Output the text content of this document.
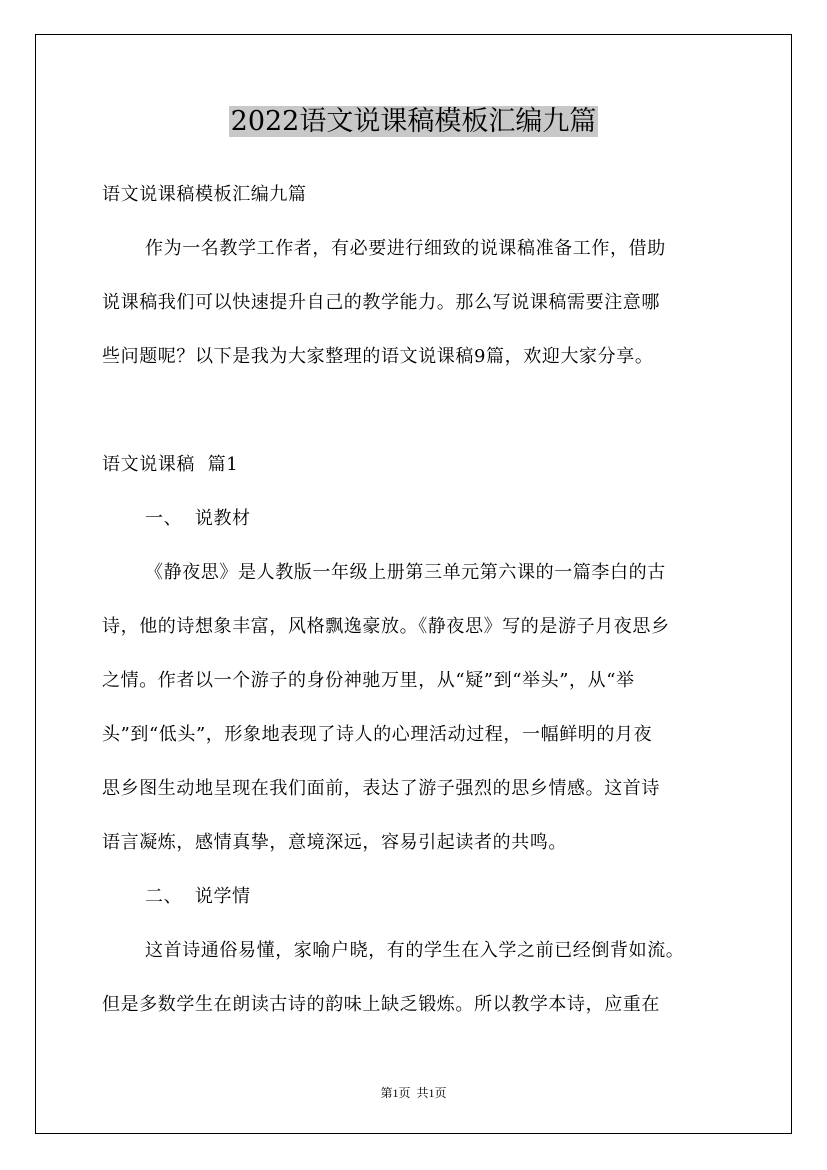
2022语文说课稿模板汇编九篇
语文说课稿模板汇编九篇
作为一名教学工作者，有必要进行细致的说课稿准备工作，借助
说课稿我们可以快速提升自己的教学能力。那么写说课稿需要注意哪
些问题呢？以下是我为大家整理的语文说课稿9篇，欢迎大家分享。
语文说课稿  篇1
一、  说教材
《静夜思》是人教版一年级上册第三单元第六课的一篇李白的古
诗，他的诗想象丰富，风格飘逸豪放。《静夜思》写的是游子月夜思乡
之情。作者以一个游子的身份神驰万里，从“疑”到“举头”，从“举
头”到“低头”，形象地表现了诗人的心理活动过程，一幅鲜明的月夜
思乡图生动地呈现在我们面前，表达了游子强烈的思乡情感。这首诗
语言凝炼，感情真挚，意境深远，容易引起读者的共鸣。
二、  说学情
这首诗通俗易懂，家喻户晓，有的学生在入学之前已经倒背如流。
但是多数学生在朗读古诗的韵味上缺乏锻炼。所以教学本诗，应重在
第1页  共1页
